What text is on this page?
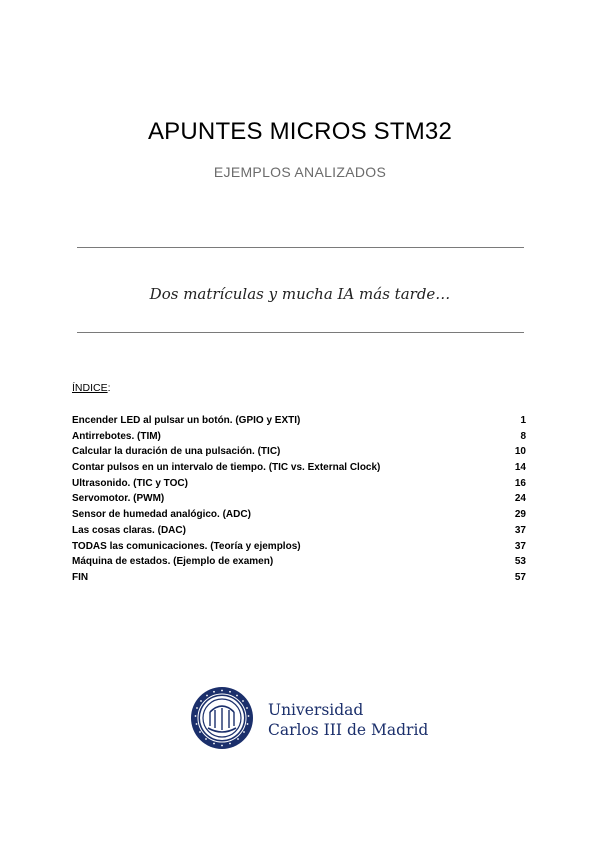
APUNTES MICROS STM32
EJEMPLOS ANALIZADOS
Dos matrículas y mucha IA más tarde…
ÍNDICE:
Encender LED al pulsar un botón. (GPIO y EXTI)	1
Antirrebotes. (TIM)	8
Calcular la duración de una pulsación. (TIC)	10
Contar pulsos en un intervalo de tiempo. (TIC vs. External Clock)	14
Ultrasonido. (TIC y TOC)	16
Servomotor. (PWM)	24
Sensor de humedad analógico. (ADC)	29
Las cosas claras. (DAC)	37
TODAS las comunicaciones. (Teoría y ejemplos)	37
Máquina de estados. (Ejemplo de examen)	53
FIN	57
Universidad
Carlos III de Madrid
